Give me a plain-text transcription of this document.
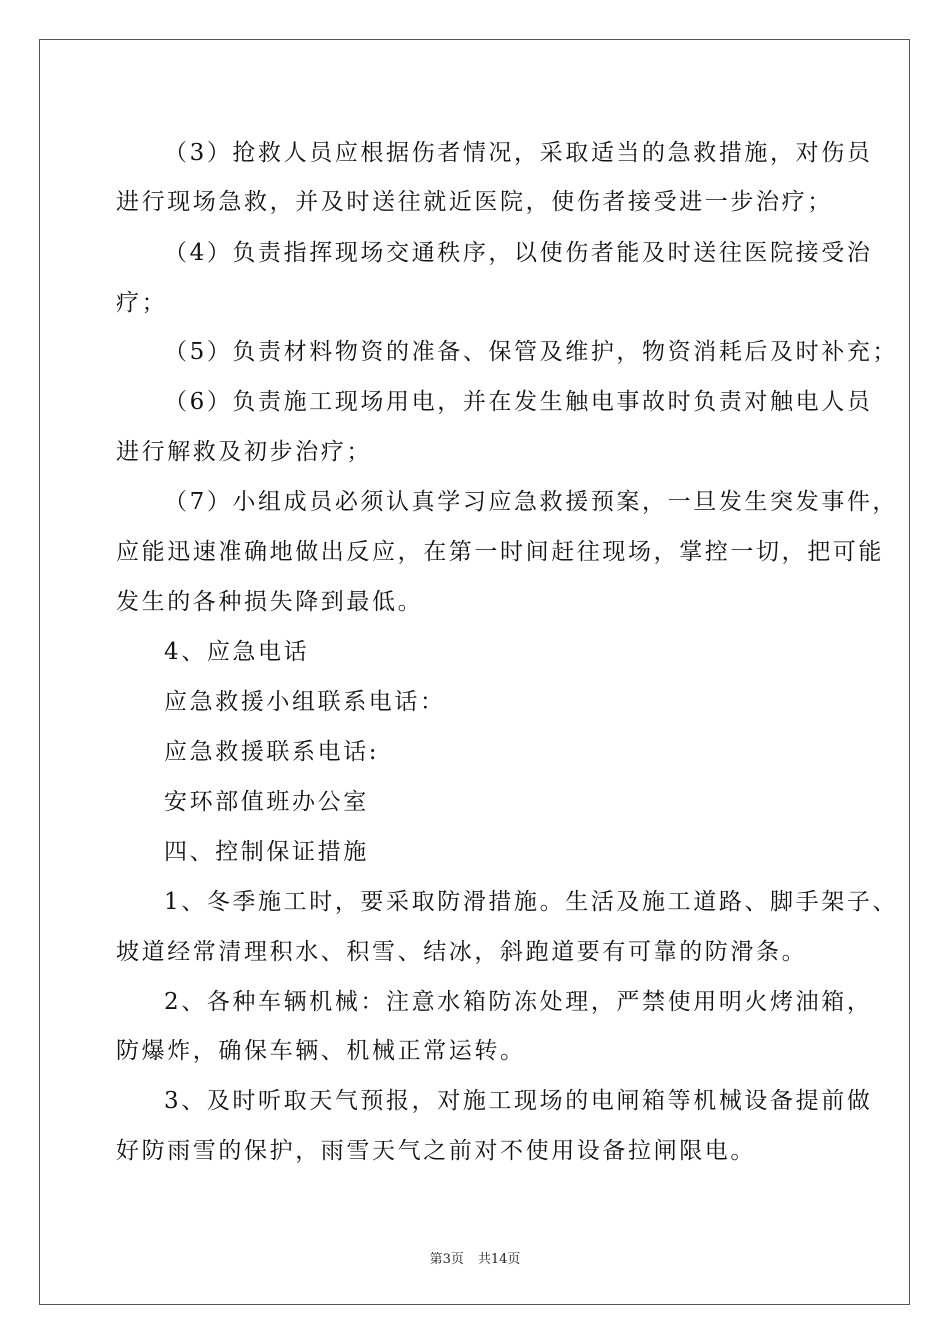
（3）抢救人员应根据伤者情况，采取适当的急救措施，对伤员
进行现场急救，并及时送往就近医院，使伤者接受进一步治疗；
（4）负责指挥现场交通秩序，以使伤者能及时送往医院接受治
疗；
（5）负责材料物资的准备、保管及维护，物资消耗后及时补充；
（6）负责施工现场用电，并在发生触电事故时负责对触电人员
进行解救及初步治疗；
（7）小组成员必须认真学习应急救援预案，一旦发生突发事件，
应能迅速准确地做出反应，在第一时间赶往现场，掌控一切，把可能
发生的各种损失降到最低。
4、应急电话
应急救援小组联系电话：
应急救援联系电话:
安环部值班办公室
四、控制保证措施
1、冬季施工时，要采取防滑措施。生活及施工道路、脚手架子、
坡道经常清理积水、积雪、结冰，斜跑道要有可靠的防滑条。
2、各种车辆机械：注意水箱防冻处理，严禁使用明火烤油箱，
防爆炸，确保车辆、机械正常运转。
3、及时听取天气预报，对施工现场的电闸箱等机械设备提前做
好防雨雪的保护，雨雪天气之前对不使用设备拉闸限电。
第3页 共14页
